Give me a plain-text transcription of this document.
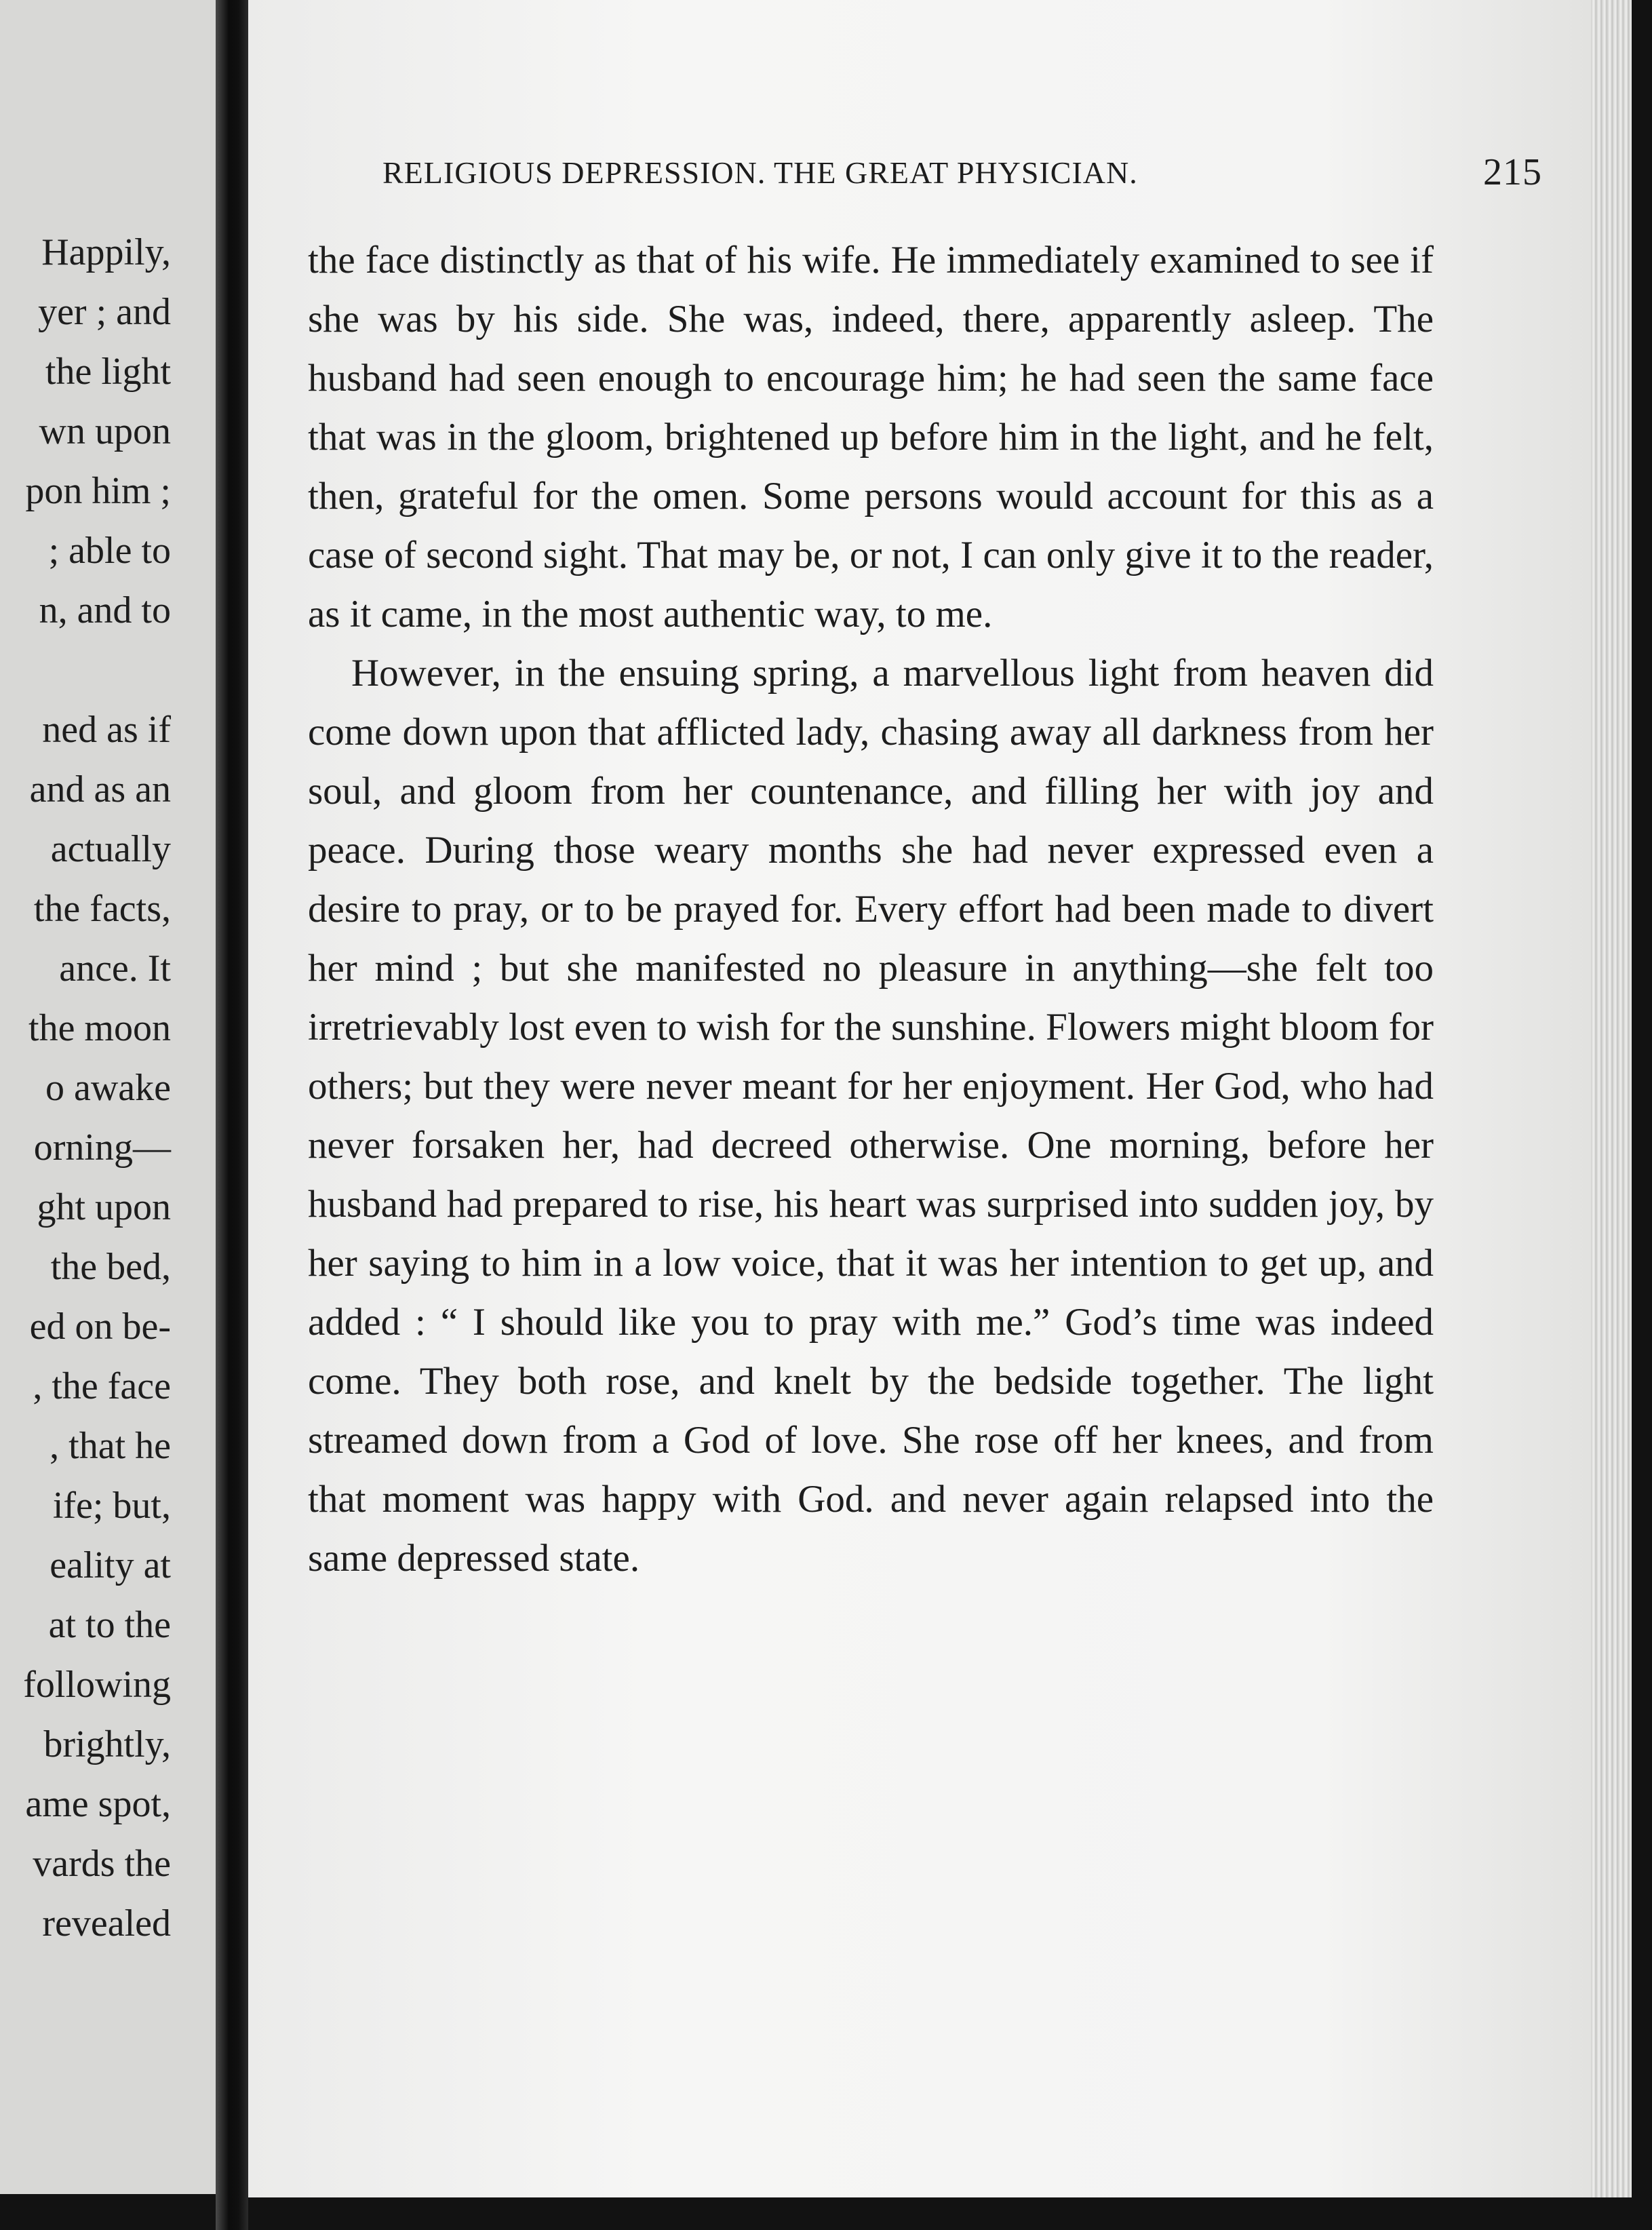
Happily,
yer ; and
the light
wn upon
pon him ;
; able to
n, and to
ned as if
and as an
actually
the facts,
ance. It
the moon
o awake
orning—
ght upon
the bed,
ed on be-
, the face
, that he
ife; but,
eality at
at to the
following
brightly,
ame spot,
vards the
revealed
RELIGIOUS DEPRESSION. THE GREAT PHYSICIAN.	215

the face distinctly as that of his wife. He immediately examined to see if she was by his side. She was, indeed, there, apparently asleep. The husband had seen enough to encourage him; he had seen the same face that was in the gloom, brightened up before him in the light, and he felt, then, grateful for the omen. Some persons would account for this as a case of second sight. That may be, or not, I can only give it to the reader, as it came, in the most authentic way, to me.

However, in the ensuing spring, a marvellous light from heaven did come down upon that afflicted lady, chasing away all darkness from her soul, and gloom from her countenance, and filling her with joy and peace. During those weary months she had never expressed even a desire to pray, or to be prayed for. Every effort had been made to divert her mind ; but she manifested no pleasure in anything—she felt too irretrievably lost even to wish for the sunshine. Flowers might bloom for others; but they were never meant for her enjoyment. Her God, who had never forsaken her, had decreed otherwise. One morning, before her husband had prepared to rise, his heart was surprised into sudden joy, by her saying to him in a low voice, that it was her intention to get up, and added : “ I should like you to pray with me.” God’s time was indeed come. They both rose, and knelt by the bedside together. The light streamed down from a God of love. She rose off her knees, and from that moment was happy with God. and never again relapsed into the same depressed state.
